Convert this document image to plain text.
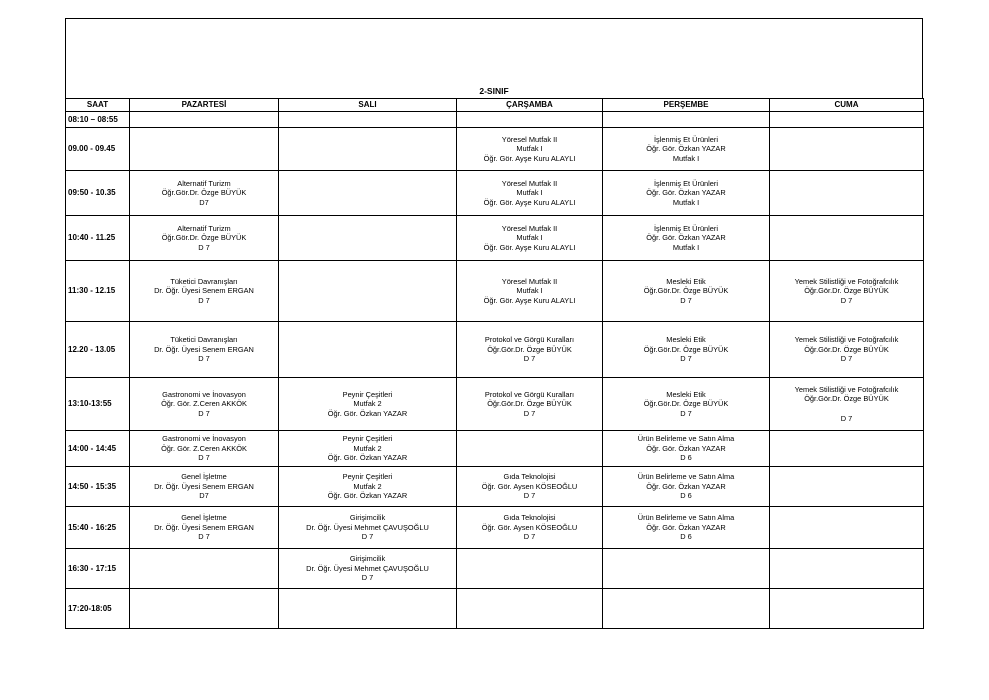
2-SINIF
SAAT	PAZARTESİ	SALI	ÇARŞAMBA	PERŞEMBE	CUMA
08:10 – 08:55					
09.00 - 09.45			Yöresel Mutfak II
Mutfak I
Öğr. Gör. Ayşe Kuru ALAYLI	İşlenmiş Et Ürünleri
Öğr. Gör. Özkan YAZAR
Mutfak I	

09:50 - 10.35	Alternatif Turizm
Öğr.Gör.Dr. Özge BÜYÜK
D7		Yöresel Mutfak II
Mutfak I
Öğr. Gör. Ayşe Kuru ALAYLI	İşlenmiş Et Ürünleri
Öğr. Gör. Özkan YAZAR
Mutfak I	

10:40 - 11.25	Alternatif Turizm
Öğr.Gör.Dr. Özge BÜYÜK
D 7		Yöresel Mutfak II
Mutfak I
Öğr. Gör. Ayşe Kuru ALAYLI	İşlenmiş Et Ürünleri
Öğr. Gör. Özkan YAZAR
Mutfak I	

11:30 - 12.15	Tüketici Davranışları
Dr. Öğr. Üyesi Senem ERGAN
D 7		Yöresel Mutfak II
Mutfak I
Öğr. Gör. Ayşe Kuru ALAYLI	Mesleki Etik
Öğr.Gör.Dr. Özge BÜYÜK
D 7	Yemek Stilistliği ve Fotoğrafcılık
Öğr.Gör.Dr. Özge BÜYÜK
D 7

12.20 - 13.05	Tüketici Davranışları
Dr. Öğr. Üyesi Senem ERGAN
D 7		Protokol ve Görgü Kuralları
Öğr.Gör.Dr. Özge BÜYÜK
D 7	Mesleki Etik
Öğr.Gör.Dr. Özge BÜYÜK
D 7	Yemek Stilistliği ve Fotoğrafcılık
Öğr.Gör.Dr. Özge BÜYÜK
D 7

13:10-13:55	Gastronomi ve İnovasyon
Öğr. Gör. Z.Ceren AKKÖK
D 7	Peynir Çeşitleri
Mutfak 2
Öğr. Gör. Özkan YAZAR	Protokol ve Görgü Kuralları
Öğr.Gör.Dr. Özge BÜYÜK
D 7	Mesleki Etik
Öğr.Gör.Dr. Özge BÜYÜK
D 7	Yemek Stilistliği ve Fotoğrafcılık
Öğr.Gör.Dr. Özge BÜYÜK
D 7

14:00 - 14:45	Gastronomi ve İnovasyon
Öğr. Gör. Z.Ceren AKKÖK
D 7	Peynir Çeşitleri
Mutfak 2
Öğr. Gör. Özkan YAZAR		Ürün Belirleme ve Satın Alma
Öğr. Gör. Özkan YAZAR
D 6	

14:50 - 15:35	Genel İşletme
Dr. Öğr. Üyesi Senem ERGAN
D7	Peynir Çeşitleri
Mutfak 2
Öğr. Gör. Özkan YAZAR	Gıda Teknolojisi
Öğr. Gör. Aysen KÖSEOĞLU
D 7	Ürün Belirleme ve Satın Alma
Öğr. Gör. Özkan YAZAR
D 6	

15:40 - 16:25	Genel İşletme
Dr. Öğr. Üyesi Senem ERGAN
D 7	Girişimcilik
Dr. Öğr. Üyesi Mehmet ÇAVUŞOĞLU
D 7	Gıda Teknolojisi
Öğr. Gör. Aysen KÖSEOĞLU
D 7	Ürün Belirleme ve Satın Alma
Öğr. Gör. Özkan YAZAR
D 6	

16:30 - 17:15		Girişimcilik
Dr. Öğr. Üyesi Mehmet ÇAVUŞOĞLU
D 7			

17:20-18:05					
